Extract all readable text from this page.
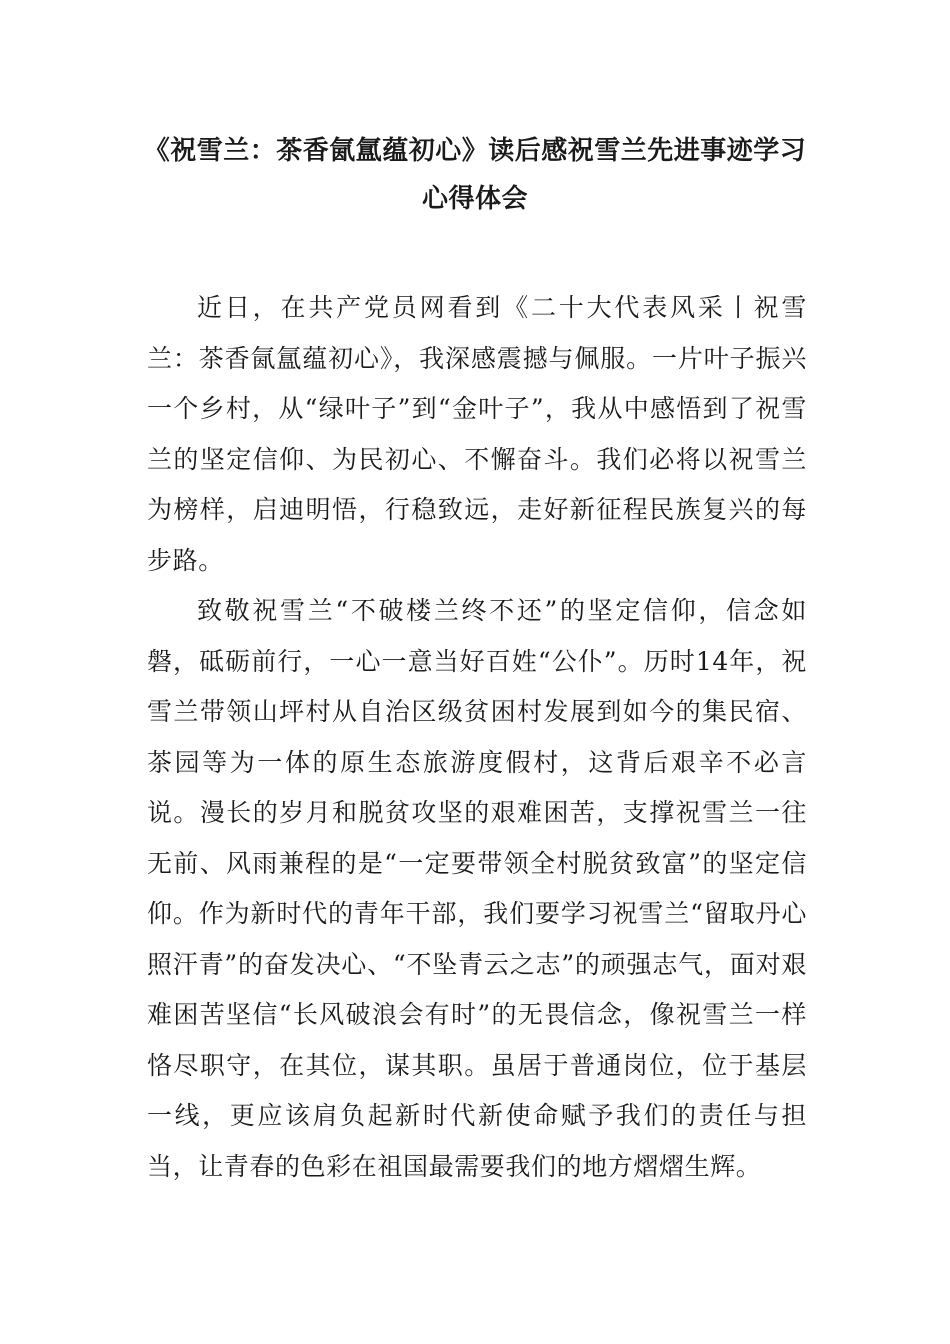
《祝雪兰：茶香氤氲蕴初心》读后感祝雪兰先进事迹学习
心得体会

近日，在共产党员网看到《二十大代表风采丨祝雪兰：茶香氤氲蕴初心》，我深感震撼与佩服。一片叶子振兴一个乡村，从“绿叶子”到“金叶子”，我从中感悟到了祝雪兰的坚定信仰、为民初心、不懈奋斗。我们必将以祝雪兰为榜样，启迪明悟，行稳致远，走好新征程民族复兴的每步路。

致敬祝雪兰“不破楼兰终不还”的坚定信仰，信念如磐，砥砺前行，一心一意当好百姓“公仆”。历时14年，祝雪兰带领山坪村从自治区级贫困村发展到如今的集民宿、茶园等为一体的原生态旅游度假村，这背后艰辛不必言说。漫长的岁月和脱贫攻坚的艰难困苦，支撑祝雪兰一往无前、风雨兼程的是“一定要带领全村脱贫致富”的坚定信仰。作为新时代的青年干部，我们要学习祝雪兰“留取丹心照汗青”的奋发决心、“不坠青云之志”的顽强志气，面对艰难困苦坚信“长风破浪会有时”的无畏信念，像祝雪兰一样恪尽职守，在其位，谋其职。虽居于普通岗位，位于基层一线，更应该肩负起新时代新使命赋予我们的责任与担当，让青春的色彩在祖国最需要我们的地方熠熠生辉。
